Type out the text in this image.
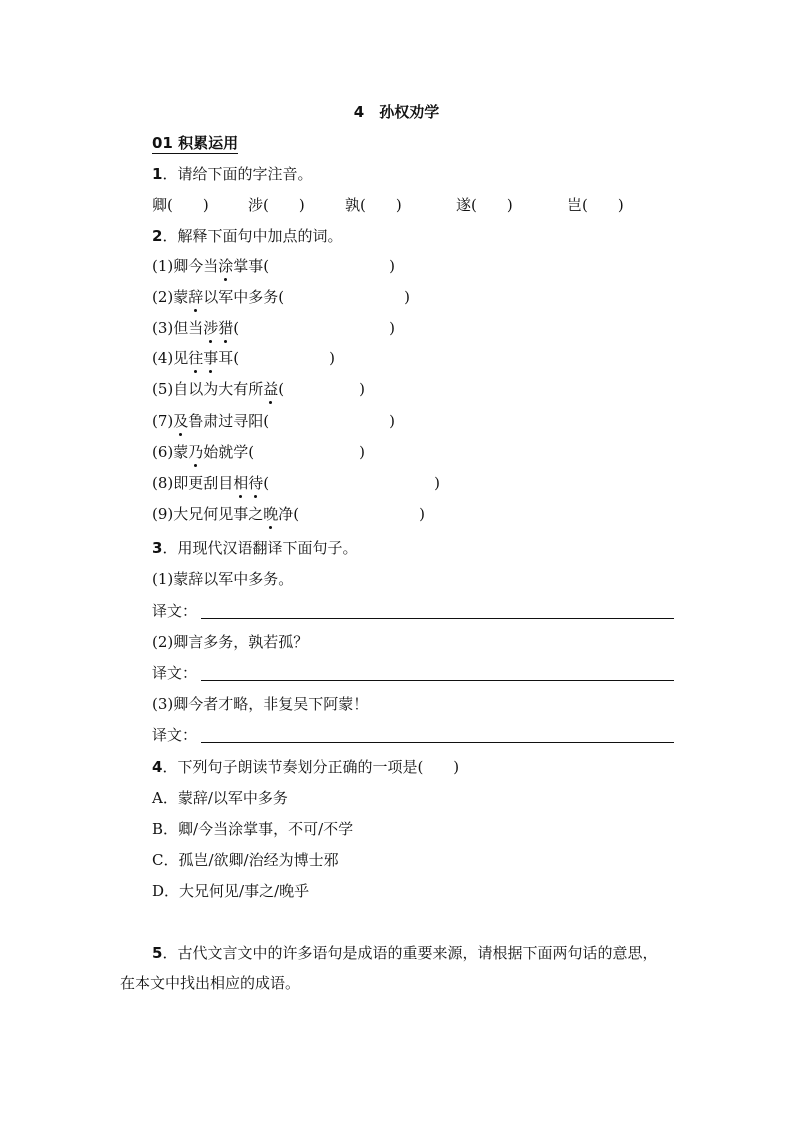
4　孙权劝学
01 积累运用
1．请给下面的字注音。
卿(　　)	涉(　　)	孰(　　)	遂(　　)	岂(　　)
2．解释下面句中加点的词。
(1)卿今当涂掌事(　　　　　　　　)
(2)蒙辞以军中多务(　　　　　　　　)
(3)但当涉猎(　　　　　　　　　　)
(4)见往事耳(　　　　　　)
(5)自以为大有所益(　　　　　)
(7)及鲁肃过寻阳(　　　　　　　　)
(6)蒙乃始就学(　　　　　　　)
(8)即更刮目相待(　　　　　　　　　　　)
(9)大兄何见事之晚净(　　　　　　　　)
3．用现代汉语翻译下面句子。
(1)蒙辞以军中多务。
译文：
(2)卿言多务，孰若孤？
译文：
(3)卿今者才略，非复吴下阿蒙！
译文：
4．下列句子朗读节奏划分正确的一项是(　　)
A．蒙辞/以军中多务
B．卿/今当涂掌事，不可/不学
C．孤岂/欲卿/治经为博士邪
D．大兄何见/事之/晚乎
5．古代文言文中的许多语句是成语的重要来源，请根据下面两句话的意思，
在本文中找出相应的成语。
